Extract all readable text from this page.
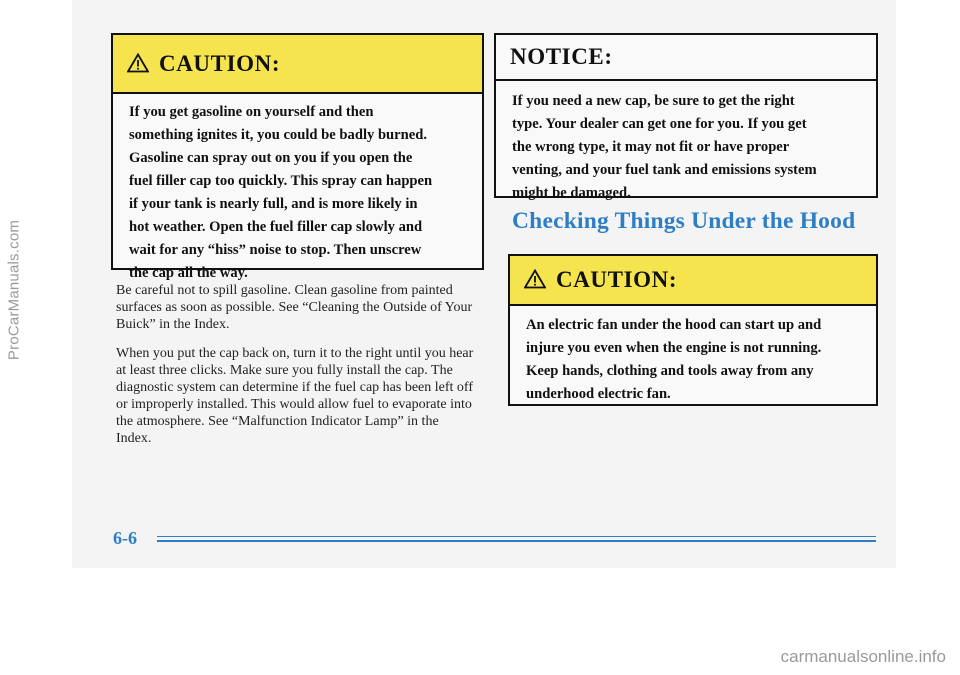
ProCarManuals.com
CAUTION:
If you get gasoline on yourself and then
something ignites it, you could be badly burned.
Gasoline can spray out on you if you open the
fuel filler cap too quickly. This spray can happen
if your tank is nearly full, and is more likely in
hot weather. Open the fuel filler cap slowly and
wait for any “hiss” noise to stop. Then unscrew
the cap all the way.

Be careful not to spill gasoline. Clean gasoline from painted surfaces as soon as possible. See “Cleaning the Outside of Your Buick” in the Index.

When you put the cap back on, turn it to the right until you hear at least three clicks. Make sure you fully install the cap. The diagnostic system can determine if the fuel cap has been left off or improperly installed. This would allow fuel to evaporate into the atmosphere. See “Malfunction Indicator Lamp” in the Index.

NOTICE:
If you need a new cap, be sure to get the right
type. Your dealer can get one for you. If you get
the wrong type, it may not fit or have proper
venting, and your fuel tank and emissions system
might be damaged.
Checking Things Under the Hood
CAUTION:
An electric fan under the hood can start up and
injure you even when the engine is not running.
Keep hands, clothing and tools away from any
underhood electric fan.
6-6
carmanualsonline.info
